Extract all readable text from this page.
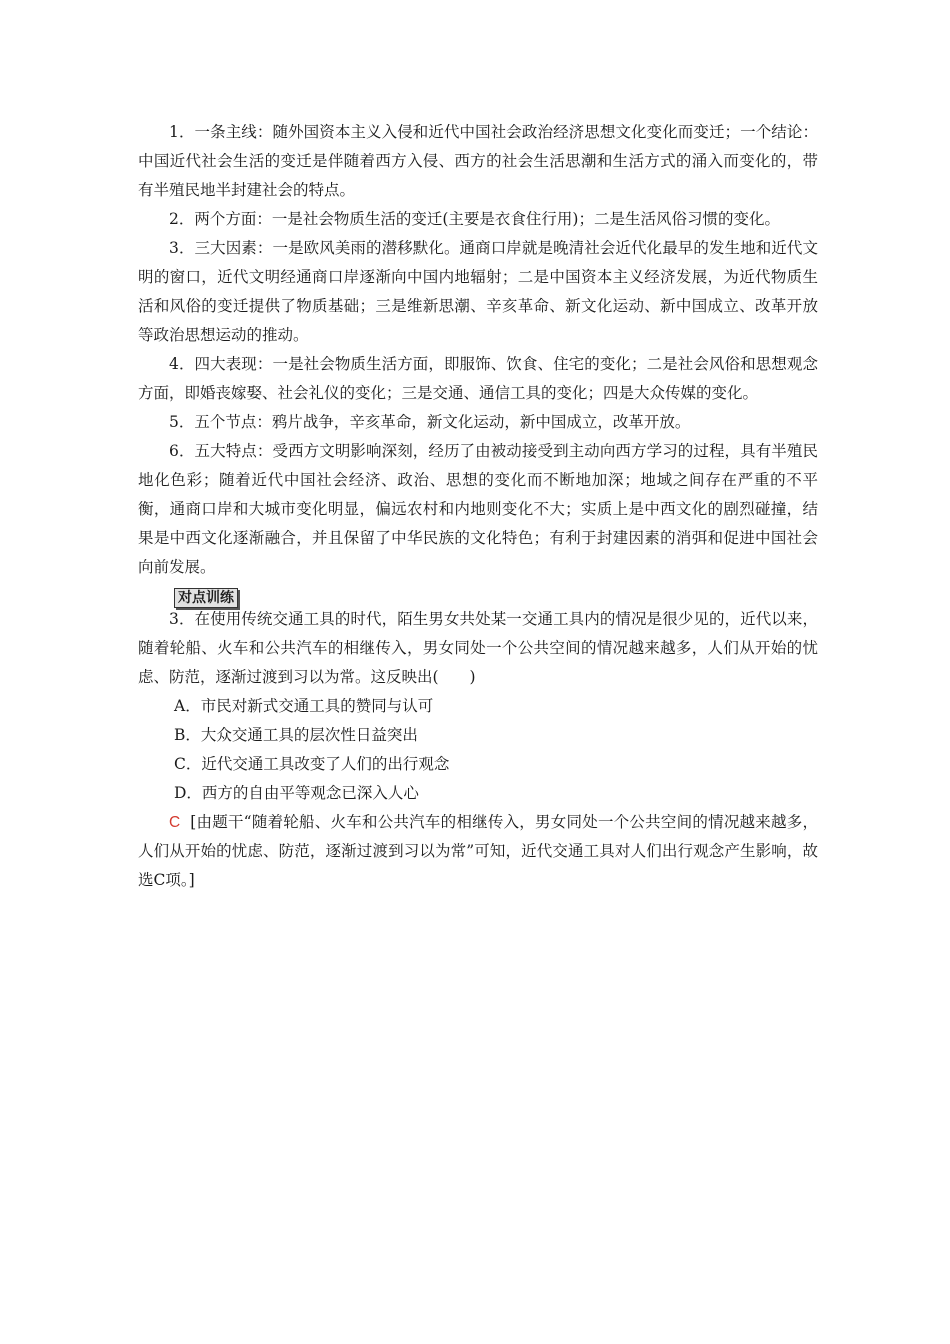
1．一条主线：随外国资本主义入侵和近代中国社会政治经济思想文化变化而变迁；一个结论：中国近代社会生活的变迁是伴随着西方入侵、西方的社会生活思潮和生活方式的涌入而变化的，带有半殖民地半封建社会的特点。

2．两个方面：一是社会物质生活的变迁(主要是衣食住行用)；二是生活风俗习惯的变化。

3．三大因素：一是欧风美雨的潜移默化。通商口岸就是晚清社会近代化最早的发生地和近代文明的窗口，近代文明经通商口岸逐渐向中国内地辐射；二是中国资本主义经济发展，为近代物质生活和风俗的变迁提供了物质基础；三是维新思潮、辛亥革命、新文化运动、新中国成立、改革开放等政治思想运动的推动。

4．四大表现：一是社会物质生活方面，即服饰、饮食、住宅的变化；二是社会风俗和思想观念方面，即婚丧嫁娶、社会礼仪的变化；三是交通、通信工具的变化；四是大众传媒的变化。

5．五个节点：鸦片战争，辛亥革命，新文化运动，新中国成立，改革开放。

6．五大特点：受西方文明影响深刻，经历了由被动接受到主动向西方学习的过程，具有半殖民地化色彩；随着近代中国社会经济、政治、思想的变化而不断地加深；地域之间存在严重的不平衡，通商口岸和大城市变化明显，偏远农村和内地则变化不大；实质上是中西文化的剧烈碰撞，结果是中西文化逐渐融合，并且保留了中华民族的文化特色；有利于封建因素的消弭和促进中国社会向前发展。

对点训练

3．在使用传统交通工具的时代，陌生男女共处某一交通工具内的情况是很少见的，近代以来，随着轮船、火车和公共汽车的相继传入，男女同处一个公共空间的情况越来越多，人们从开始的忧虑、防范，逐渐过渡到习以为常。这反映出(　　)

A．市民对新式交通工具的赞同与认可

B．大众交通工具的层次性日益突出

C．近代交通工具改变了人们的出行观念

D．西方的自由平等观念已深入人心

C [由题干“随着轮船、火车和公共汽车的相继传入，男女同处一个公共空间的情况越来越多，人们从开始的忧虑、防范，逐渐过渡到习以为常”可知，近代交通工具对人们出行观念产生影响，故选C项。]
